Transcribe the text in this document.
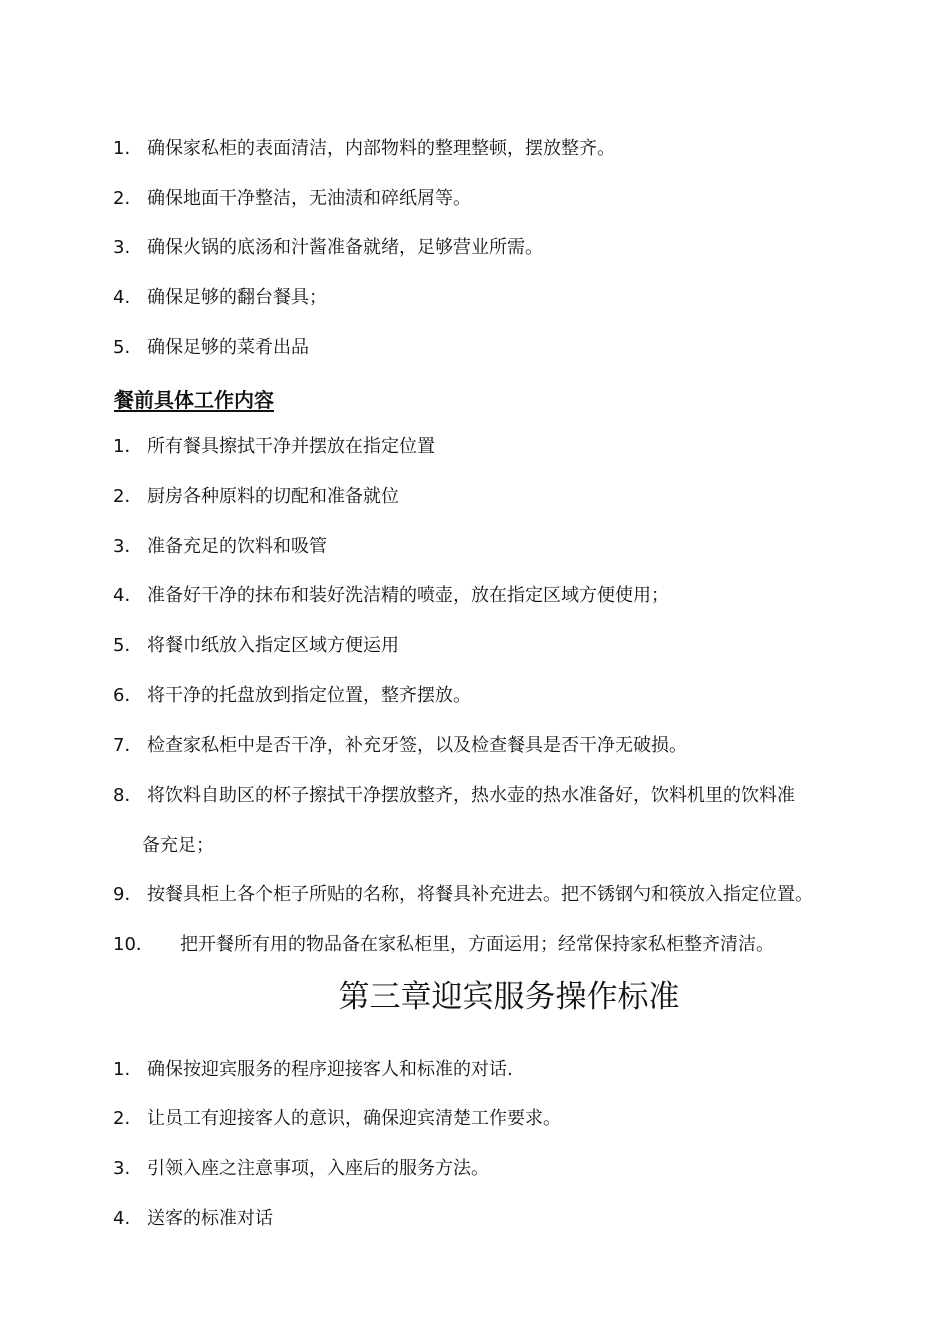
1. 确保家私柜的表面清洁，内部物料的整理整顿，摆放整齐。
2. 确保地面干净整洁，无油渍和碎纸屑等。
3. 确保火锅的底汤和汁酱准备就绪，足够营业所需。
4. 确保足够的翻台餐具；
5. 确保足够的菜肴出品
餐前具体工作内容
1． 所有餐具擦拭干净并摆放在指定位置
2． 厨房各种原料的切配和准备就位
3． 准备充足的饮料和吸管
4． 准备好干净的抹布和装好洗洁精的喷壶，放在指定区域方便使用；
5． 将餐巾纸放入指定区域方便运用
6． 将干净的托盘放到指定位置，整齐摆放。
7． 检查家私柜中是否干净，补充牙签，以及检查餐具是否干净无破损。
8． 将饮料自助区的杯子擦拭干净摆放整齐，热水壶的热水准备好，饮料机里的饮料准
备充足；
9． 按餐具柜上各个柜子所贴的名称，将餐具补充进去。把不锈钢勺和筷放入指定位置。
10． 把开餐所有用的物品备在家私柜里，方面运用；经常保持家私柜整齐清洁。
第三章迎宾服务操作标准
1. 确保按迎宾服务的程序迎接客人和标准的对话.
2. 让员工有迎接客人的意识，确保迎宾清楚工作要求。
3. 引领入座之注意事项，入座后的服务方法。
4. 送客的标准对话
